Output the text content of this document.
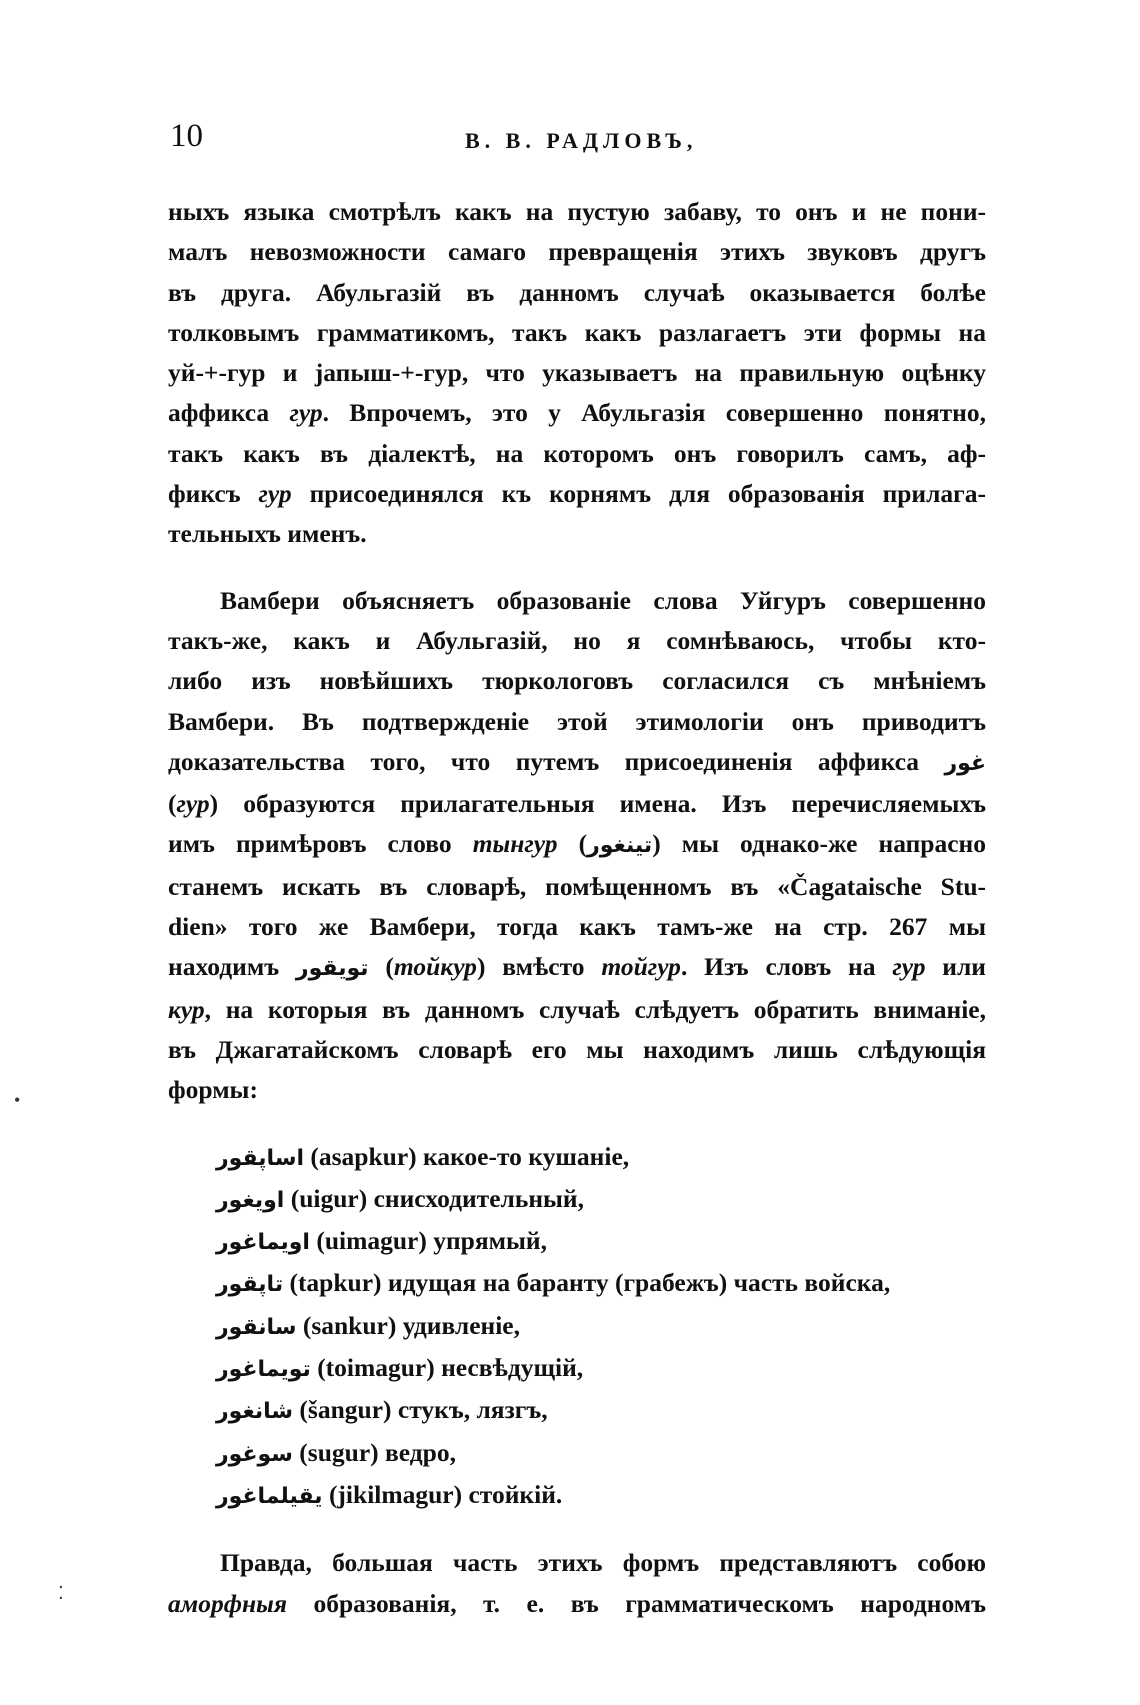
10	В. В. РАДЛОВЪ,

ныхъ языка смотрѣлъ какъ на пустую забаву, то онъ и не пони-

малъ невозможности самаго превращенія этихъ звуковъ другъ

въ друга. Абульгазій въ данномъ случаѣ оказывается болѣе

толковымъ грамматикомъ, такъ какъ разлагаетъ эти формы на

уй-+-гур и јапыш-+-гур, что указываетъ на правильную оцѣнку

аффикса гур. Впрочемъ, это у Абульгазія совершенно понятно,

такъ какъ въ діалектѣ, на которомъ онъ говорилъ самъ, аф-

фиксъ гур присоединялся къ корнямъ для образованія прилага-

тельныхъ именъ.

Вамбери объясняетъ образованіе слова Уйгуръ совершенно

такъ-же, какъ и Абульгазій, но я сомнѣваюсь, чтобы кто-

либо изъ новѣйшихъ тюркологовъ согласился съ мнѣніемъ

Вамбери. Въ подтвержденіе этой этимологіи онъ приводитъ

доказательства того, что путемъ присоединенія аффикса غور

(гур) образуются прилагательныя имена. Изъ перечисляемыхъ

имъ примѣровъ слово тынгур (تينغور) мы однако-же напрасно

станемъ искать въ словарѣ, помѣщенномъ въ «Čagataische Stu-

dien» того же Вамбери, тогда какъ тамъ-же на стр. 267 мы

находимъ تويقور (тойкур) вмѣсто тойгур. Изъ словъ на гур или

кур, на которыя въ данномъ случаѣ слѣдуетъ обратить вниманіе,

въ Джагатайскомъ словарѣ его мы находимъ лишь слѣдующія

формы:

اساپقور (asapkur) какое-то кушаніе,
اويغور (uigur) снисходительный,
اويماغور (uimagur) упрямый,
تاپقور (tapkur) идущая на баранту (грабежъ) часть войска,
سانقور (sankur) удивленіе,
تويماغور (toimagur) несвѣдущій,
شانغور (šangur) стукъ, лязгъ,
سوغور (sugur) ведро,
يقيلماغور (jikilmagur) стойкій.

Правда, большая часть этихъ формъ представляютъ собою

аморфныя образованія, т. е. въ грамматическомъ народномъ

•
⁚
